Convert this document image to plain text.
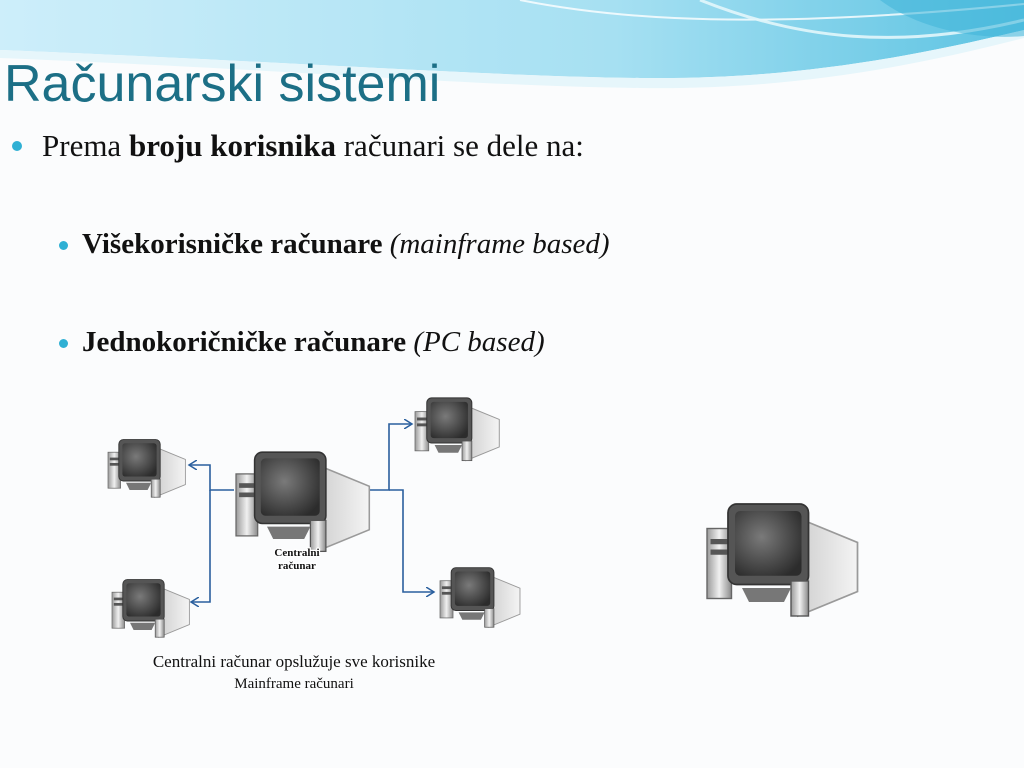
Računarski sistemi
Prema broju korisnika računari se dele na:
Višekorisničke računare (mainframe based)
Jednokoričničke računare (PC based)
Centralni
računar
Centralni računar opslužuje sve korisnike
Mainframe računari
